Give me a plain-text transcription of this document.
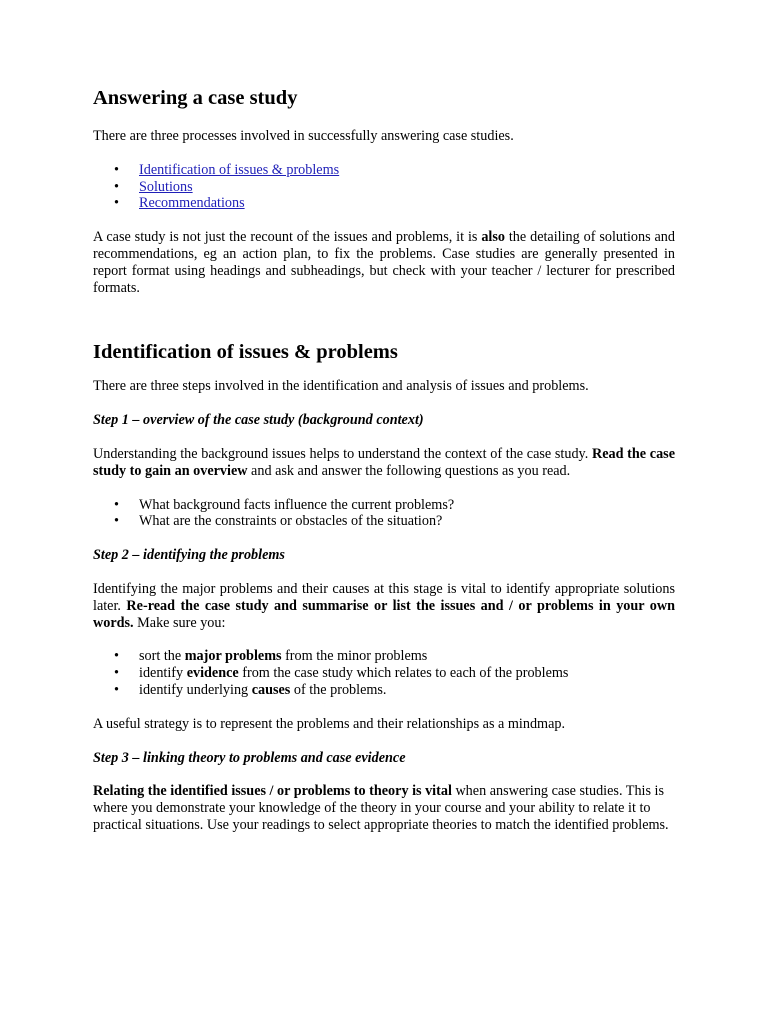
Answering a case study

There are three processes involved in successfully answering case studies.

• Identification of issues & problems
• Solutions
• Recommendations

A case study is not just the recount of the issues and problems, it is also the detailing of solutions and recommendations, eg an action plan, to fix the problems. Case studies are generally presented in report format using headings and subheadings, but check with your teacher / lecturer for prescribed formats.

Identification of issues & problems

There are three steps involved in the identification and analysis of issues and problems.

Step 1 – overview of the case study (background context)

Understanding the background issues helps to understand the context of the case study. Read the case study to gain an overview and ask and answer the following questions as you read.

• What background facts influence the current problems?
• What are the constraints or obstacles of the situation?

Step 2 – identifying the problems

Identifying the major problems and their causes at this stage is vital to identify appropriate solutions later. Re-read the case study and summarise or list the issues and / or problems in your own words. Make sure you:

• sort the major problems from the minor problems
• identify evidence from the case study which relates to each of the problems
• identify underlying causes of the problems.

A useful strategy is to represent the problems and their relationships as a mindmap.

Step 3 – linking theory to problems and case evidence

Relating the identified issues / or problems to theory is vital when answering case studies. This is where you demonstrate your knowledge of the theory in your course and your ability to relate it to practical situations. Use your readings to select appropriate theories to match the identified problems.
